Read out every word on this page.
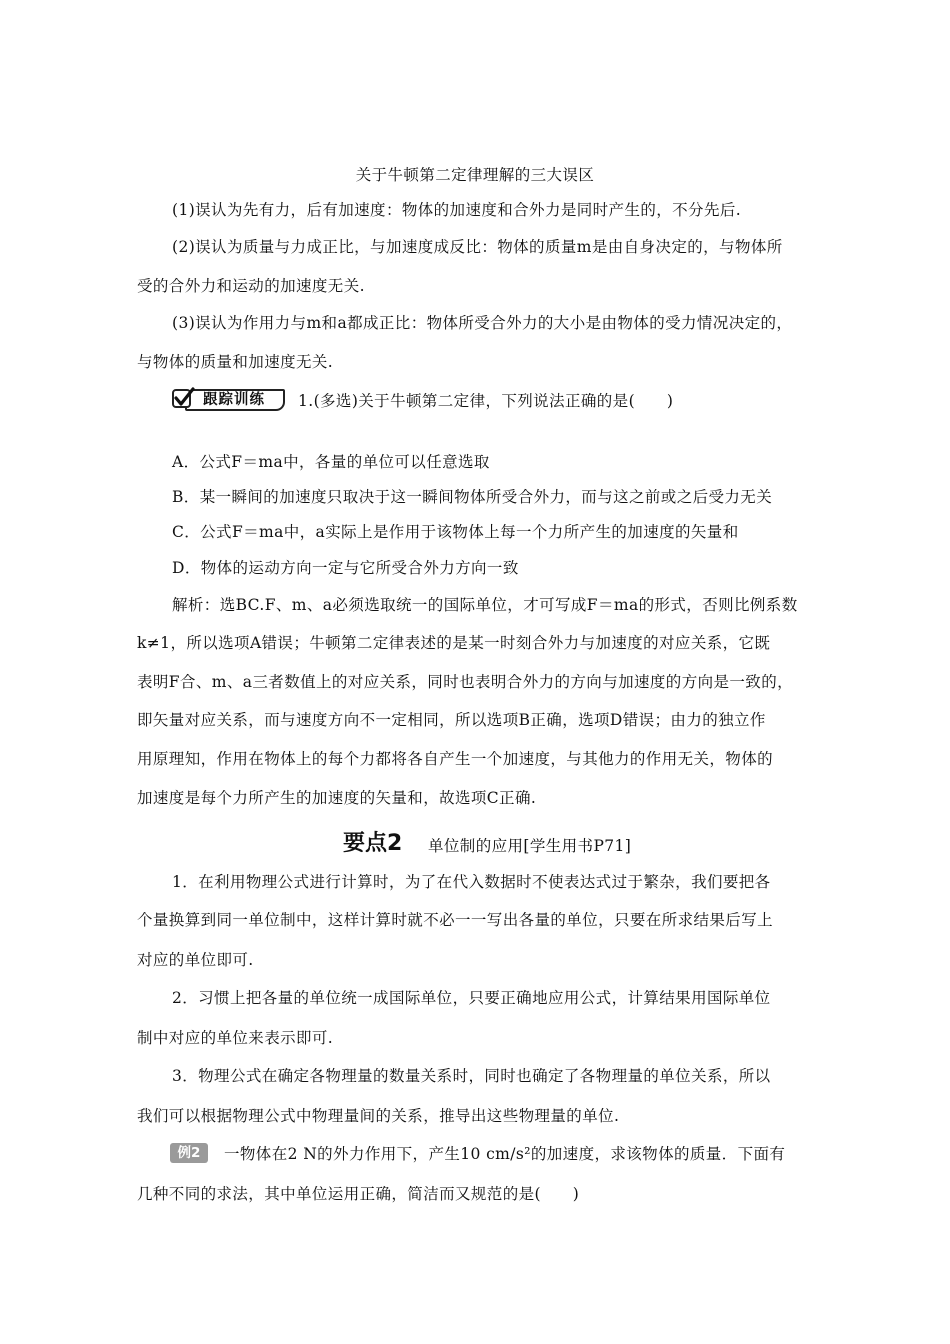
关于牛顿第二定律理解的三大误区
(1)误认为先有力，后有加速度：物体的加速度和合外力是同时产生的，不分先后.
(2)误认为质量与力成正比，与加速度成反比：物体的质量m是由自身决定的，与物体所
受的合外力和运动的加速度无关.
(3)误认为作用力与m和a都成正比：物体所受合外力的大小是由物体的受力情况决定的，
与物体的质量和加速度无关.
跟踪训练 1.(多选)关于牛顿第二定律，下列说法正确的是(　　)
A．公式F＝ma中，各量的单位可以任意选取
B．某一瞬间的加速度只取决于这一瞬间物体所受合外力，而与这之前或之后受力无关
C．公式F＝ma中，a实际上是作用于该物体上每一个力所产生的加速度的矢量和
D．物体的运动方向一定与它所受合外力方向一致
解析：选BC.F、m、a必须选取统一的国际单位，才可写成F＝ma的形式，否则比例系数
k≠1，所以选项A错误；牛顿第二定律表述的是某一时刻合外力与加速度的对应关系，它既
表明F合、m、a三者数值上的对应关系，同时也表明合外力的方向与加速度的方向是一致的，
即矢量对应关系，而与速度方向不一定相同，所以选项B正确，选项D错误；由力的独立作
用原理知，作用在物体上的每个力都将各自产生一个加速度，与其他力的作用无关，物体的
加速度是每个力所产生的加速度的矢量和，故选项C正确.
要点2 单位制的应用[学生用书P71]
1．在利用物理公式进行计算时，为了在代入数据时不使表达式过于繁杂，我们要把各
个量换算到同一单位制中，这样计算时就不必一一写出各量的单位，只要在所求结果后写上
对应的单位即可.
2．习惯上把各量的单位统一成国际单位，只要正确地应用公式，计算结果用国际单位
制中对应的单位来表示即可.
3．物理公式在确定各物理量的数量关系时，同时也确定了各物理量的单位关系，所以
我们可以根据物理公式中物理量间的关系，推导出这些物理量的单位.
例2	一物体在2 N的外力作用下，产生10 cm/s²的加速度，求该物体的质量．下面有
几种不同的求法，其中单位运用正确，简洁而又规范的是(　　)
